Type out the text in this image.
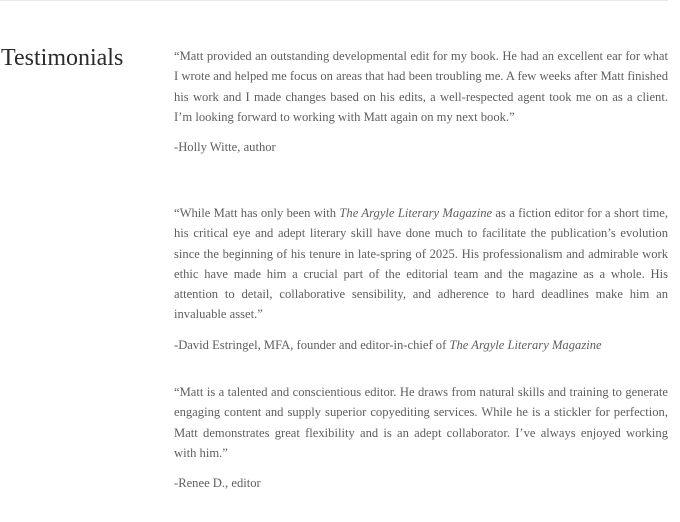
Testimonials	“Matt provided an outstanding developmental edit for my book. He had an excellent ear for what I wrote and helped me focus on areas that had been troubling me. A few weeks after Matt finished his work and I made changes based on his edits, a well-respected agent took me on as a client. I’m looking forward to working with Matt again on my next book.”

-Holly Witte, author

“While Matt has only been with The Argyle Literary Magazine as a fiction editor for a short time, his critical eye and adept literary skill have done much to facilitate the publication’s evolution since the beginning of his tenure in late-spring of 2025. His professionalism and admirable work ethic have made him a crucial part of the editorial team and the magazine as a whole. His attention to detail, collaborative sensibility, and adherence to hard deadlines make him an invaluable asset.”

-David Estringel, MFA, founder and editor-in-chief of The Argyle Literary Magazine

“Matt is a talented and conscientious editor. He draws from natural skills and training to generate engaging content and supply superior copyediting services. While he is a stickler for perfection, Matt demonstrates great flexibility and is an adept collaborator. I’ve always enjoyed working with him.”

-Renee D., editor
